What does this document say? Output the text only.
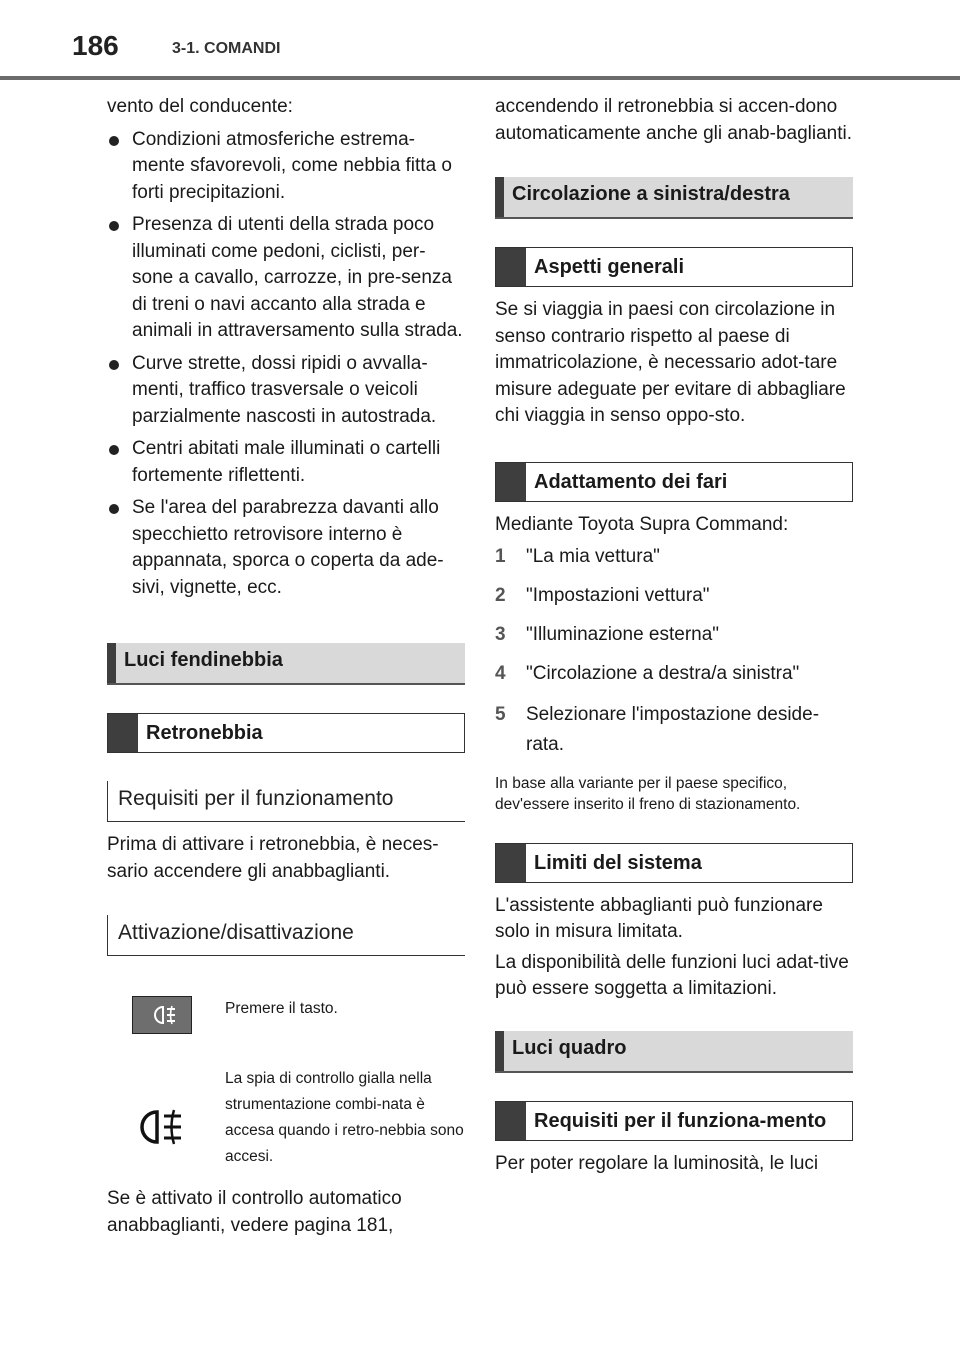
186	3-1. COMANDI

vento del conducente:

Condizioni atmosferiche estrema-mente sfavorevoli, come nebbia fitta o forti precipitazioni.
Presenza di utenti della strada poco illuminati come pedoni, ciclisti, per-sone a cavallo, carrozze, in pre-senza di treni o navi accanto alla strada e animali in attraversamento sulla strada.
Curve strette, dossi ripidi o avvalla-menti, traffico trasversale o veicoli parzialmente nascosti in autostrada.
Centri abitati male illuminati o cartelli fortemente riflettenti.
Se l'area del parabrezza davanti allo specchietto retrovisore interno è appannata, sporca o coperta da ade-sivi, vignette, ecc.
Luci fendinebbia
Retronebbia
Requisiti per il funzionamento

Prima di attivare i retronebbia, è neces-sario accendere gli anabbaglianti.

Attivazione/disattivazione
Premere il tasto.
La spia di controllo gialla nella strumentazione combi-nata è accesa quando i retro-nebbia sono accesi.

Se è attivato il controllo automatico anabbaglianti, vedere pagina 181,

accendendo il retronebbia si accen-dono automaticamente anche gli anab-baglianti.

Circolazione a sinistra/destra
Aspetti generali

Se si viaggia in paesi con circolazione in senso contrario rispetto al paese di immatricolazione, è necessario adot-tare misure adeguate per evitare di abbagliare chi viaggia in senso oppo-sto.

Adattamento dei fari

Mediante Toyota Supra Command:

1 "La mia vettura"
2 "Impostazioni vettura"
3 "Illuminazione esterna"
4 "Circolazione a destra/a sinistra"
5 Selezionare l'impostazione deside-rata.

In base alla variante per il paese specifico, dev'essere inserito il freno di stazionamento.

Limiti del sistema

L'assistente abbaglianti può funzionare solo in misura limitata.

La disponibilità delle funzioni luci adat-tive può essere soggetta a limitazioni.

Luci quadro
Requisiti per il funziona-mento

Per poter regolare la luminosità, le luci
